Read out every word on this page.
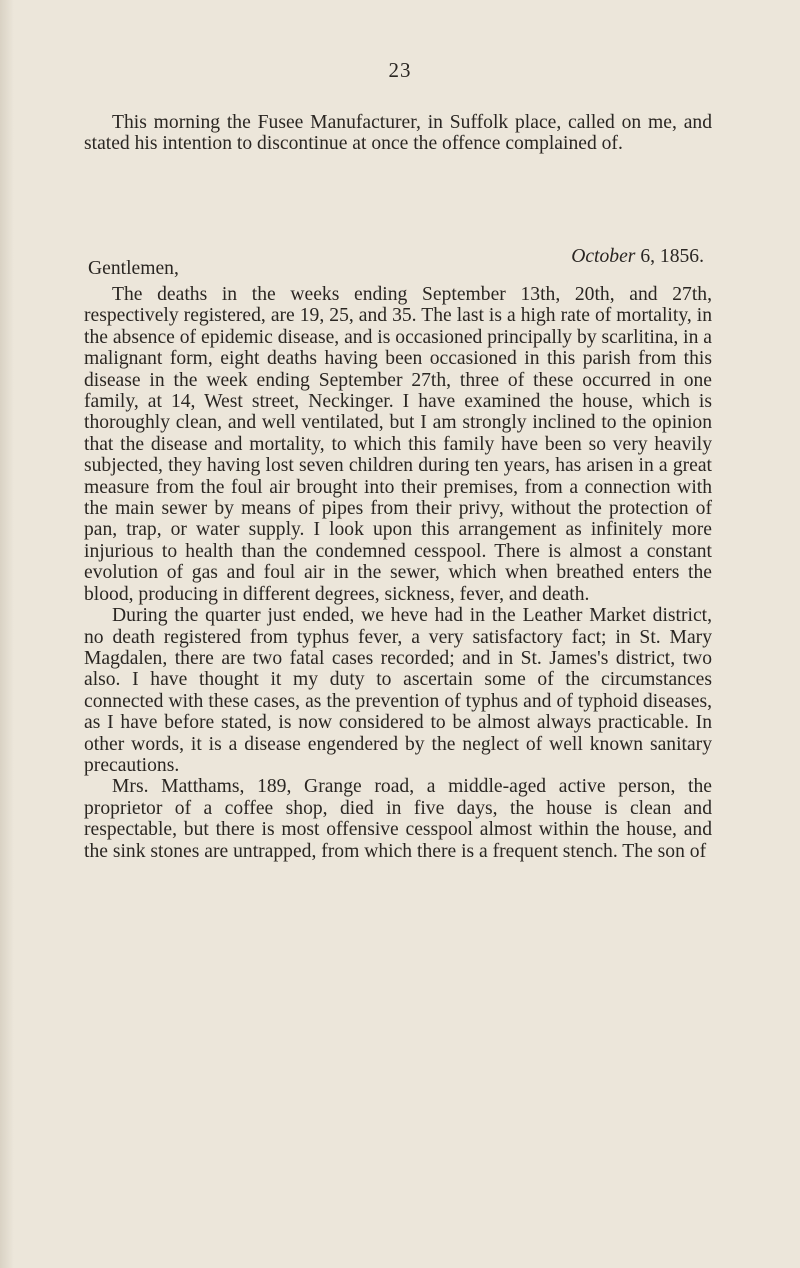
23

This morning the Fusee Manufacturer, in Suffolk place, called on me, and stated his intention to discontinue at once the offence complained of.

October 6, 1856.
Gentlemen,

The deaths in the weeks ending September 13th, 20th, and 27th, respectively registered, are 19, 25, and 35. The last is a high rate of mortality, in the absence of epidemic disease, and is occasioned principally by scarlitina, in a malignant form, eight deaths having been occasioned in this parish from this disease in the week ending September 27th, three of these occurred in one family, at 14, West street, Neckinger. I have examined the house, which is thoroughly clean, and well ventilated, but I am strongly inclined to the opinion that the disease and mortality, to which this family have been so very heavily subjected, they having lost seven children during ten years, has arisen in a great measure from the foul air brought into their premises, from a connection with the main sewer by means of pipes from their privy, without the protection of pan, trap, or water supply. I look upon this arrangement as infinitely more injurious to health than the condemned cesspool. There is almost a constant evolution of gas and foul air in the sewer, which when breathed enters the blood, producing in different degrees, sickness, fever, and death.

During the quarter just ended, we heve had in the Leather Market district, no death registered from typhus fever, a very satisfactory fact; in St. Mary Magdalen, there are two fatal cases recorded; and in St. James's district, two also. I have thought it my duty to ascertain some of the circumstances connected with these cases, as the prevention of typhus and of typhoid diseases, as I have before stated, is now considered to be almost always practicable. In other words, it is a disease engendered by the neglect of well known sanitary precautions.

Mrs. Matthams, 189, Grange road, a middle-aged active person, the proprietor of a coffee shop, died in five days, the house is clean and respectable, but there is most offensive cesspool almost within the house, and the sink stones are untrapped, from which there is a frequent stench. The son of
